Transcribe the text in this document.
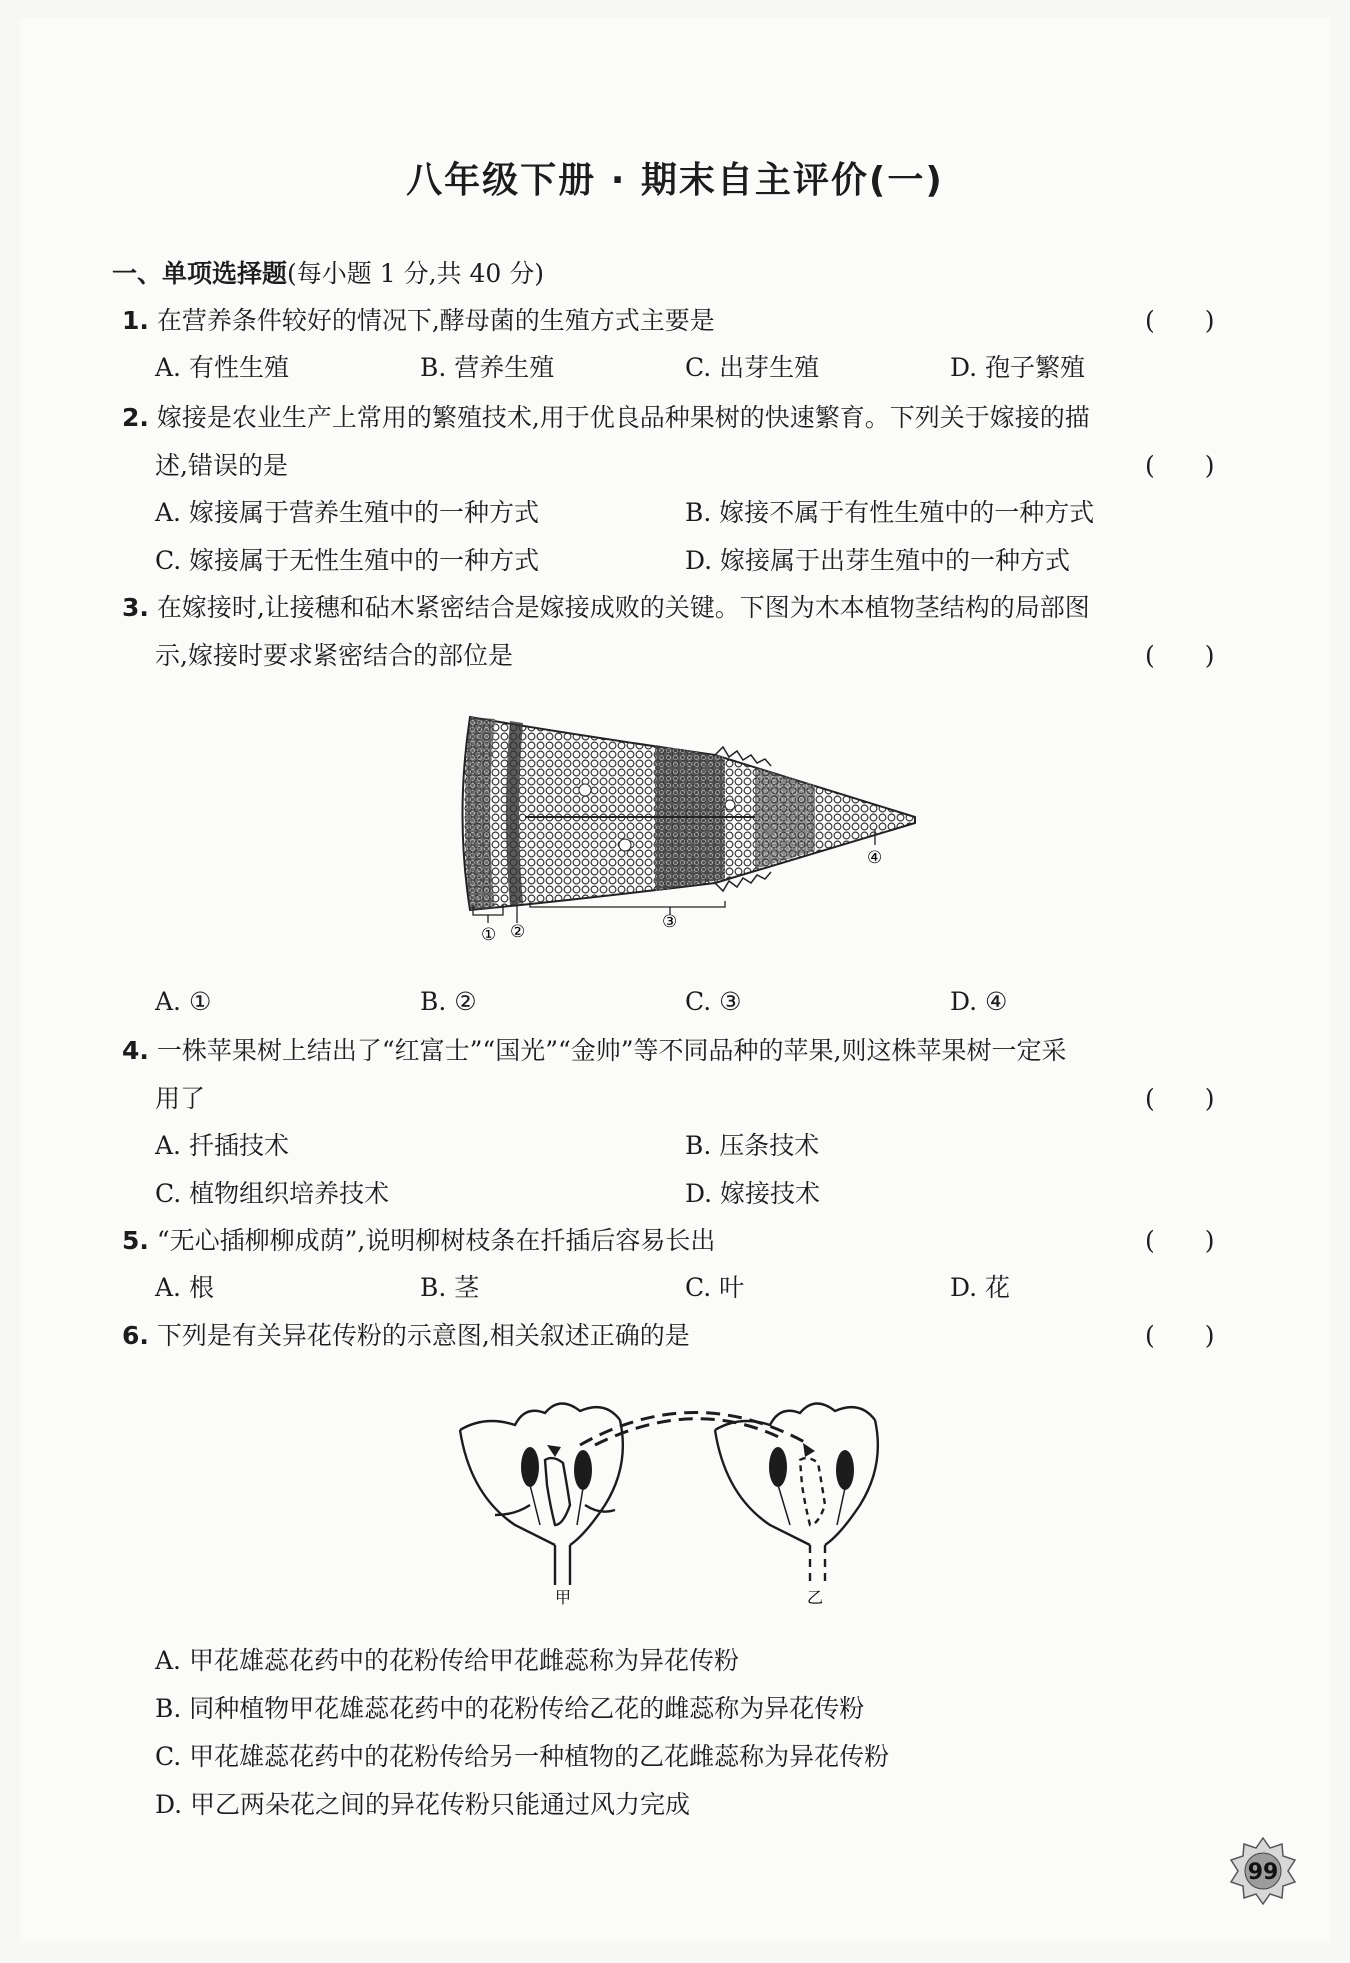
八年级下册 · 期末自主评价(一)
一、单项选择题(每小题 1 分,共 40 分)
1. 在营养条件较好的情况下,酵母菌的生殖方式主要是	(　　)
A. 有性生殖	B. 营养生殖	C. 出芽生殖	D. 孢子繁殖
2. 嫁接是农业生产上常用的繁殖技术,用于优良品种果树的快速繁育。下列关于嫁接的描
述,错误的是	(　　)
A. 嫁接属于营养生殖中的一种方式	B. 嫁接不属于有性生殖中的一种方式
C. 嫁接属于无性生殖中的一种方式	D. 嫁接属于出芽生殖中的一种方式
3. 在嫁接时,让接穗和砧木紧密结合是嫁接成败的关键。下图为木本植物茎结构的局部图
示,嫁接时要求紧密结合的部位是	(　　)
① ②	③
④
A. ①	B. ②	C. ③	D. ④
4. 一株苹果树上结出了“红富士”“国光”“金帅”等不同品种的苹果,则这株苹果树一定采
用了	(　　)
A. 扦插技术	B. 压条技术
C. 植物组织培养技术	D. 嫁接技术
5. “无心插柳柳成荫”,说明柳树枝条在扦插后容易长出	(　　)
A. 根	B. 茎	C. 叶	D. 花
6. 下列是有关异花传粉的示意图,相关叙述正确的是	(　　)
甲	乙
A. 甲花雄蕊花药中的花粉传给甲花雌蕊称为异花传粉
B. 同种植物甲花雄蕊花药中的花粉传给乙花的雌蕊称为异花传粉
C. 甲花雄蕊花药中的花粉传给另一种植物的乙花雌蕊称为异花传粉
D. 甲乙两朵花之间的异花传粉只能通过风力完成
99
